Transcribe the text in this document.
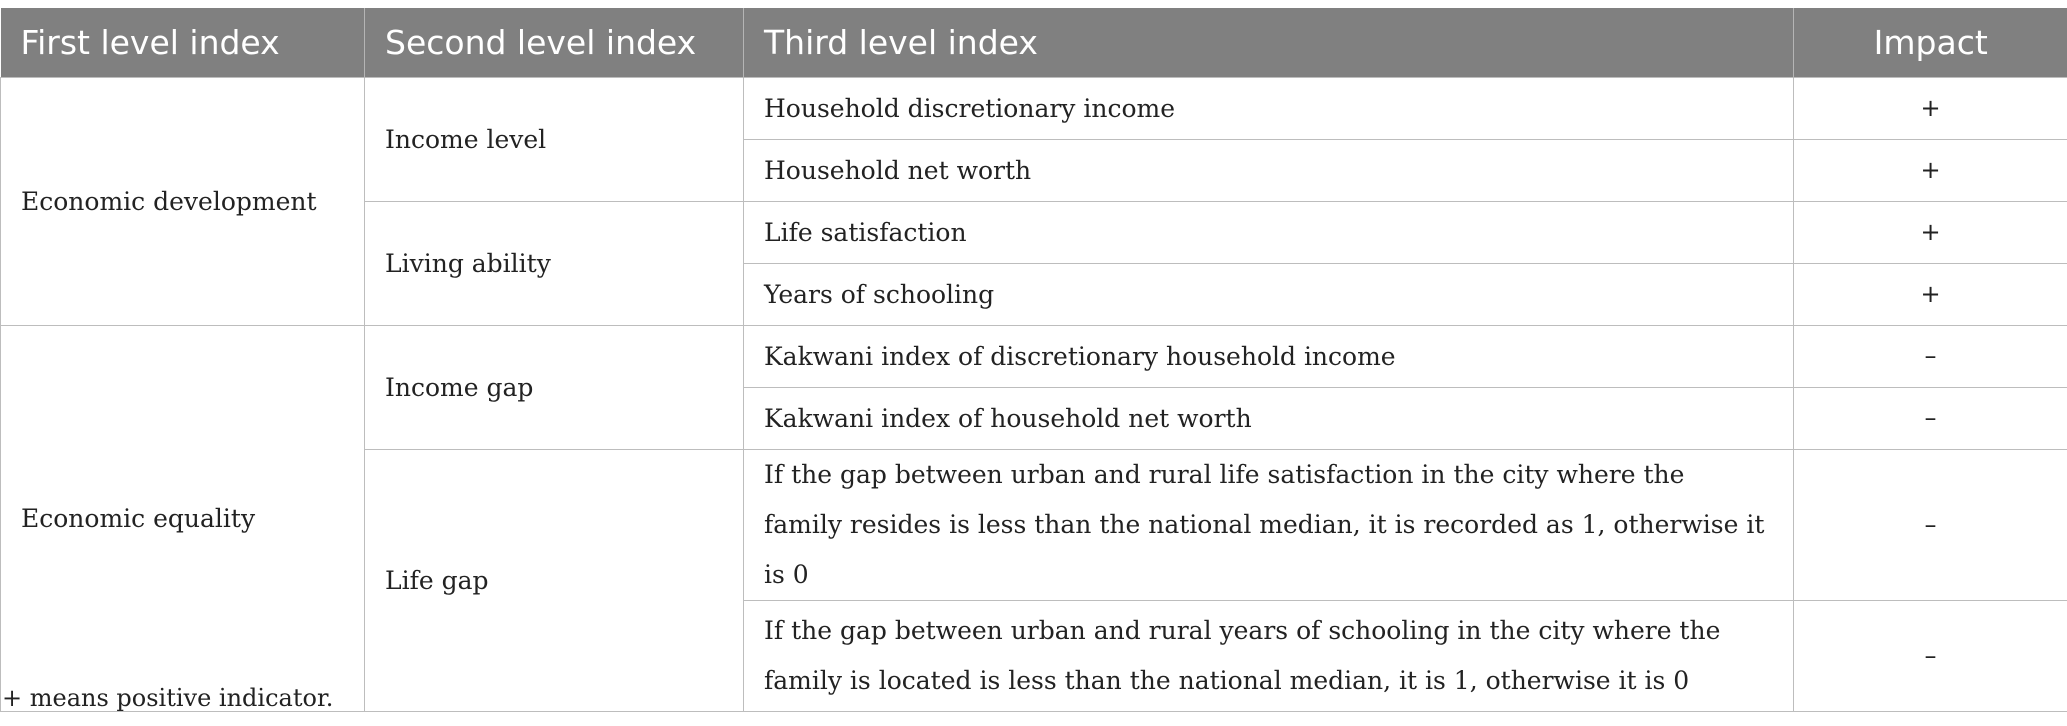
First level index	Second level index	Third level index	Impact
Economic development	Income level	Household discretionary income	+
		Household net worth	+
	Living ability	Life satisfaction	+
		Years of schooling	+
Economic equality	Income gap	Kakwani index of discretionary household income	–
		Kakwani index of household net worth	–
	Life gap	If the gap between urban and rural life satisfaction in the city where the family resides is less than the national median, it is recorded as 1, otherwise it is 0	–
		If the gap between urban and rural years of schooling in the city where the family is located is less than the national median, it is 1, otherwise it is 0	–
+ means positive indicator.
